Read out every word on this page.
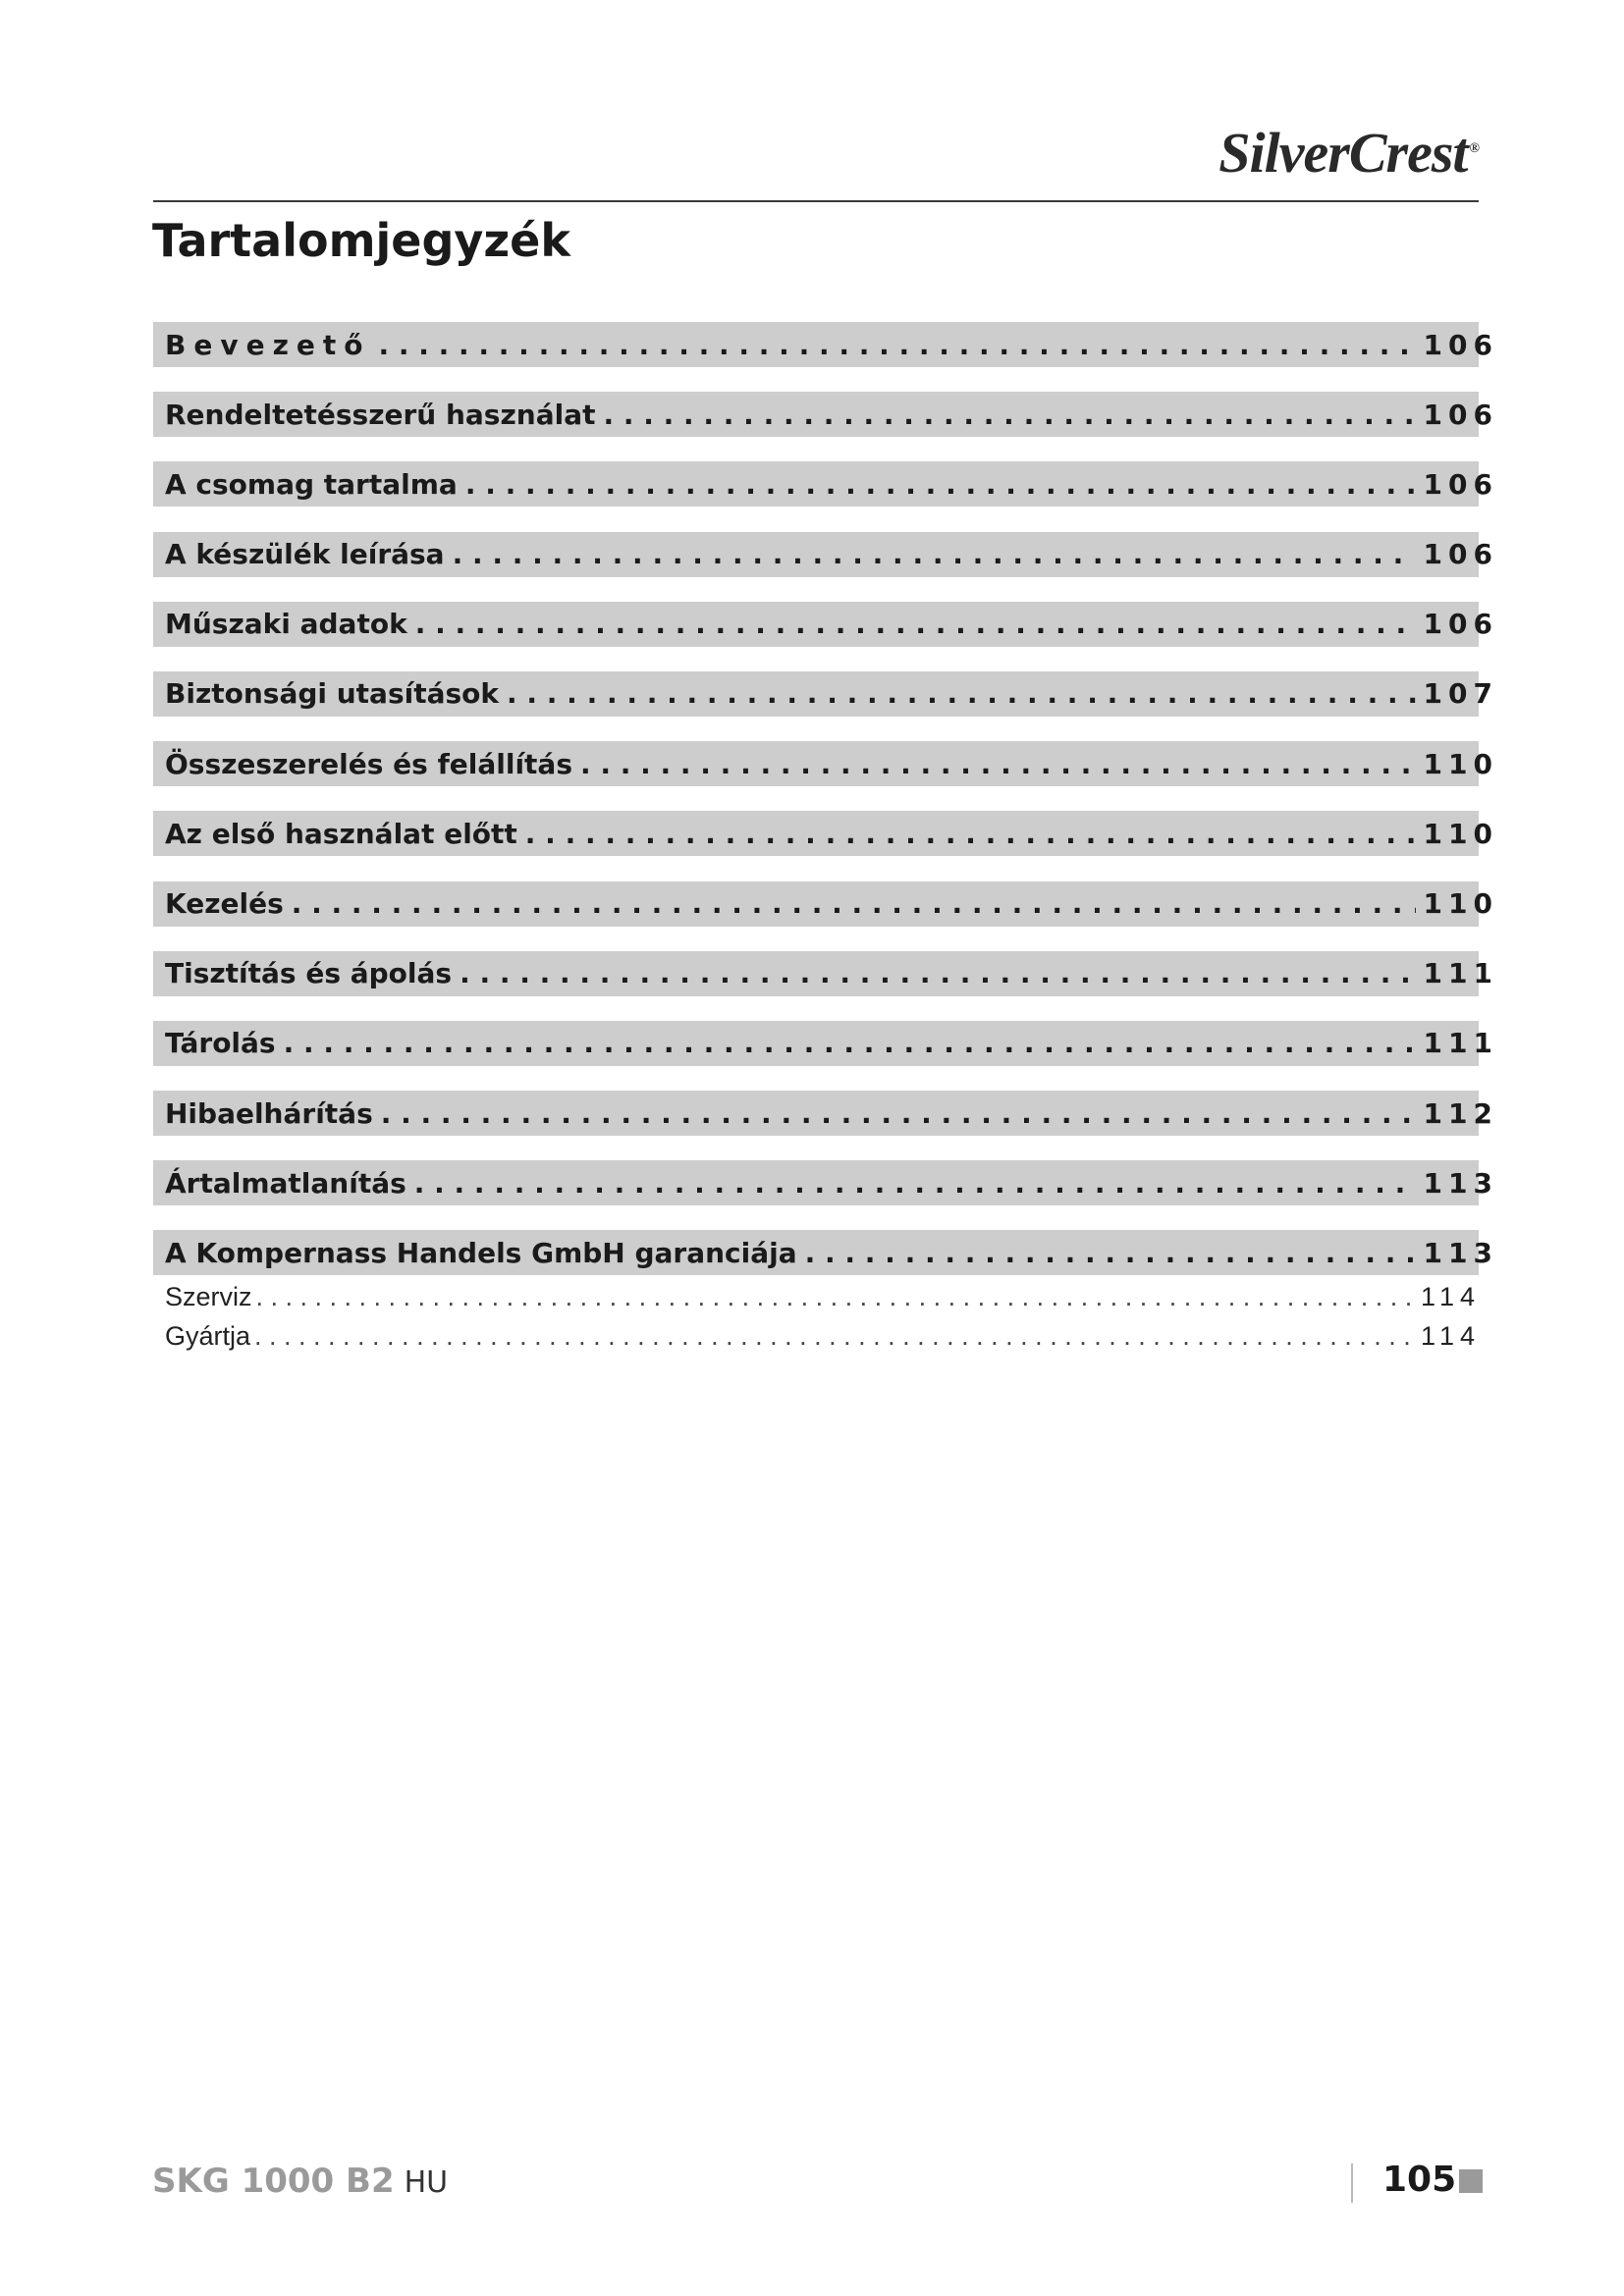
SilverCrest ®
Tartalomjegyzék
Bevezető . . .	106
Rendeltetésszerű használat . . .	106
A csomag tartalma . . .	106
A készülék leírása . . .	106
Műszaki adatok . . .	106
Biztonsági utasítások . . .	107
Összeszerelés és felállítás . . .	110
Az első használat előtt . . .	110
Kezelés . . .	110
Tisztítás és ápolás . . .	111
Tárolás . . .	111
Hibaelhárítás . . .	112
Ártalmatlanítás . . .	113
A Kompernass Handels GmbH garanciája . . .	113
Szerviz . . .	114
Gyártja . . .	114
SKG 1000 B2 HU	105
